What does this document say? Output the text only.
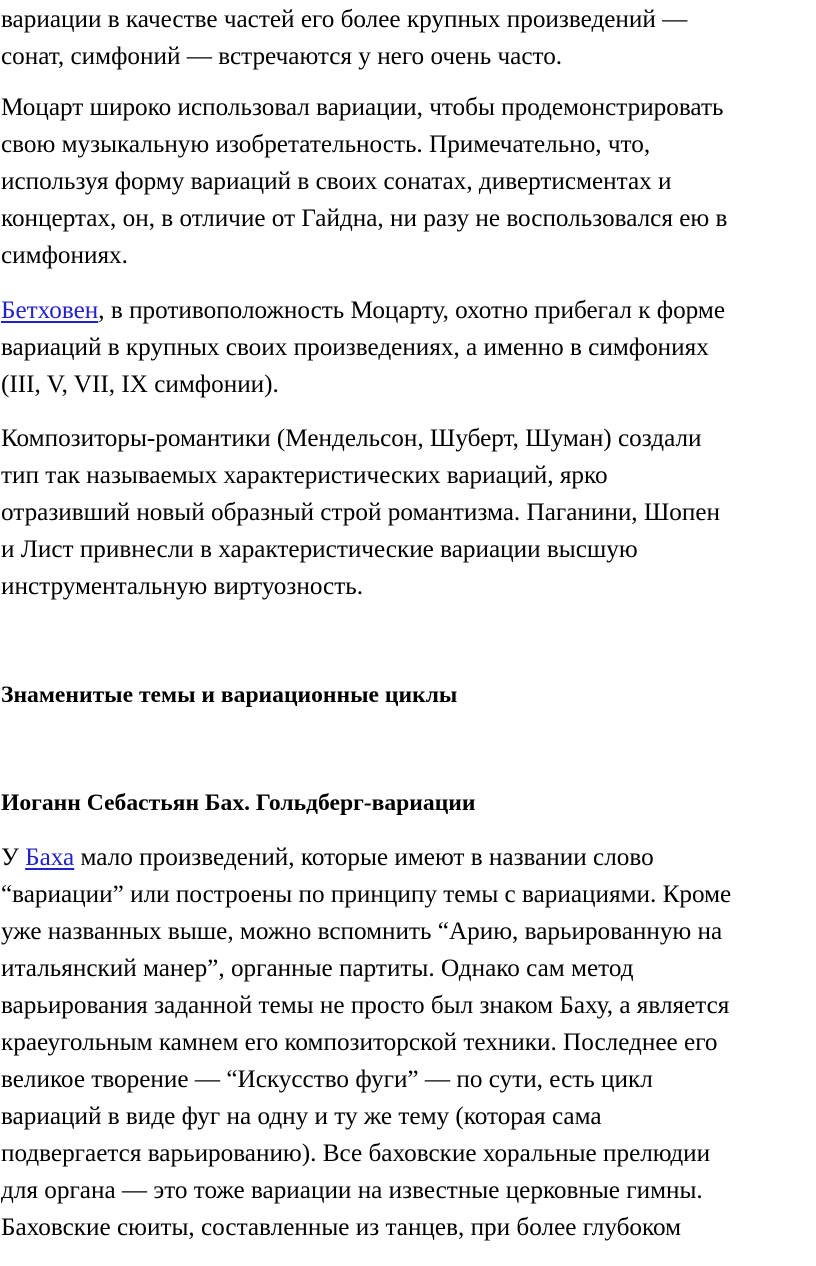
вариации в качестве частей его более крупных произведений —
сонат, симфоний — встречаются у него очень часто.

Моцарт широко использовал вариации, чтобы продемонстрировать
свою музыкальную изобретательность. Примечательно, что,
используя форму вариаций в своих сонатах, дивертисментах и
концертах, он, в отличие от Гайдна, ни разу не воспользовался ею в
симфониях.

Бетховен, в противоположность Моцарту, охотно прибегал к форме
вариаций в крупных своих произведениях, а именно в симфониях
(III, V, VII, IX симфонии).

Композиторы-романтики (Мендельсон, Шуберт, Шуман) создали
тип так называемых характеристических вариаций, ярко
отразивший новый образный строй романтизма. Паганини, Шопен
и Лист привнесли в характеристические вариации высшую
инструментальную виртуозность.

Знаменитые темы и вариационные циклы
Иоганн Себастьян Бах. Гольдберг-вариации

У Баха мало произведений, которые имеют в названии слово
“вариации” или построены по принципу темы с вариациями. Кроме
уже названных выше, можно вспомнить “Арию, варьированную на
итальянский манер”, органные партиты. Однако сам метод
варьирования заданной темы не просто был знаком Баху, а является
краеугольным камнем его композиторской техники. Последнее его
великое творение — “Искусство фуги” — по сути, есть цикл
вариаций в виде фуг на одну и ту же тему (которая сама
подвергается варьированию). Все баховские хоральные прелюдии
для органа — это тоже вариации на известные церковные гимны.
Баховские сюиты, составленные из танцев, при более глубоком
